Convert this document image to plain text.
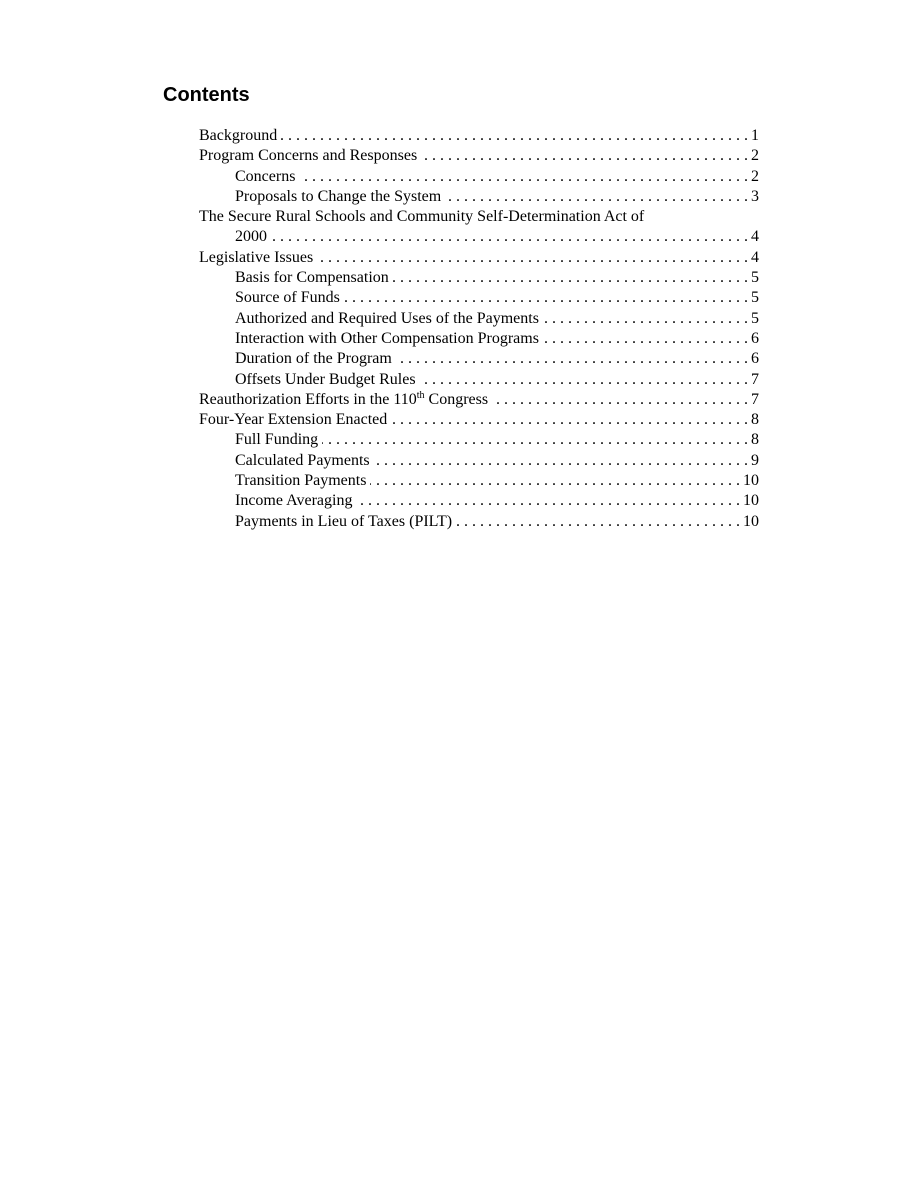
Contents
Background . . .	1
Program Concerns and Responses . . .	2
Concerns . . .	2
Proposals to Change the System . . .	3
The Secure Rural Schools and Community Self-Determination Act of
2000 . . .	4
Legislative Issues . . .	4
Basis for Compensation . . .	5
Source of Funds . . .	5
Authorized and Required Uses of the Payments . . .	5
Interaction with Other Compensation Programs . . .	6
Duration of the Program . . .	6
Offsets Under Budget Rules . . .	7
Reauthorization Efforts in the 110th Congress . . .	7
Four-Year Extension Enacted . . .	8
Full Funding . . .	8
Calculated Payments . . .	9
Transition Payments . . .	10
Income Averaging . . .	10
Payments in Lieu of Taxes (PILT) . . .	10
